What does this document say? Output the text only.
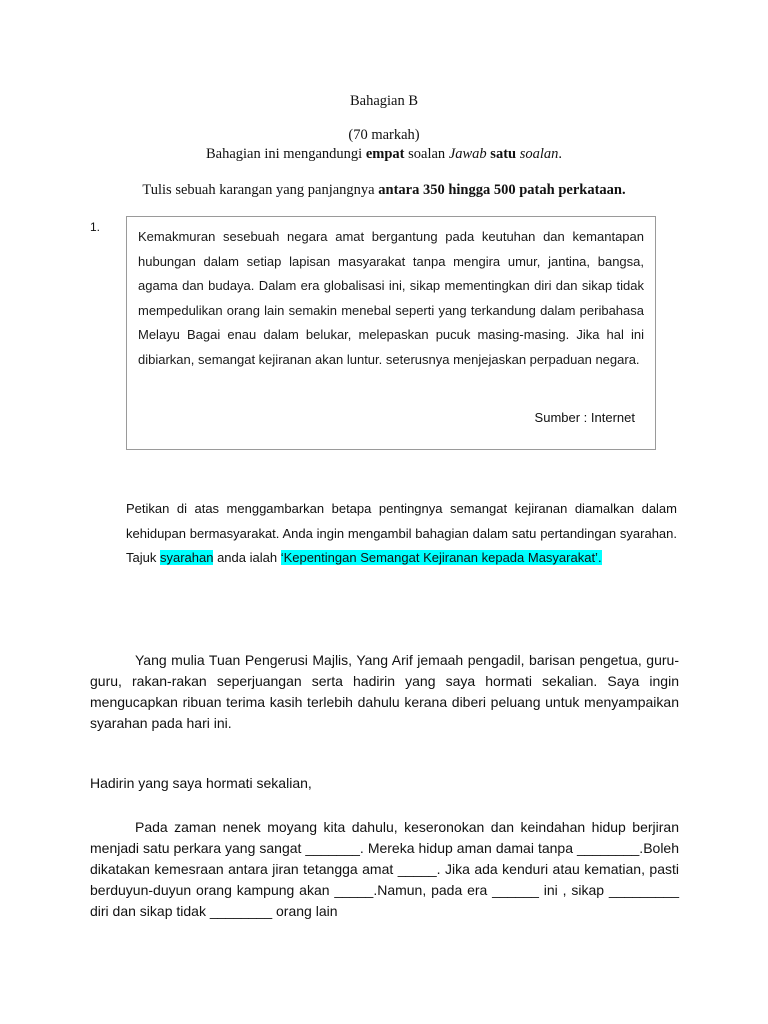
Bahagian B
(70 markah)
Bahagian ini mengandungi empat soalan Jawab satu soalan.
Tulis sebuah karangan yang panjangnya antara 350 hingga 500 patah perkataan.
1.
Kemakmuran sesebuah negara amat bergantung pada keutuhan dan kemantapan hubungan dalam setiap lapisan masyarakat tanpa mengira umur, jantina, bangsa, agama dan budaya. Dalam era globalisasi ini, sikap mementingkan diri dan sikap tidak mempedulikan orang lain semakin menebal seperti yang terkandung dalam peribahasa Melayu Bagai enau dalam belukar, melepaskan pucuk masing-masing. Jika hal ini dibiarkan, semangat kejiranan akan luntur. seterusnya menjejaskan perpaduan negara.
Sumber : Internet
Petikan di atas menggambarkan betapa pentingnya semangat kejiranan diamalkan dalam kehidupan bermasyarakat. Anda ingin mengambil bahagian dalam satu pertandingan syarahan. Tajuk syarahan anda ialah ‘Kepentingan Semangat Kejiranan kepada Masyarakat’.
Yang mulia Tuan Pengerusi Majlis, Yang Arif jemaah pengadil, barisan pengetua, guru-guru, rakan-rakan seperjuangan serta hadirin yang saya hormati sekalian. Saya ingin mengucapkan ribuan terima kasih terlebih dahulu kerana diberi peluang untuk menyampaikan syarahan pada hari ini.
Hadirin yang saya hormati sekalian,
Pada zaman nenek moyang kita dahulu, keseronokan dan keindahan hidup berjiran menjadi satu perkara yang sangat _______. Mereka hidup aman damai tanpa ________.Boleh dikatakan kemesraan antara jiran tetangga amat _____. Jika ada kenduri atau kematian, pasti berduyun-duyun orang kampung akan _____.Namun, pada era ______ ini , sikap _________ diri dan sikap tidak ________ orang lain
